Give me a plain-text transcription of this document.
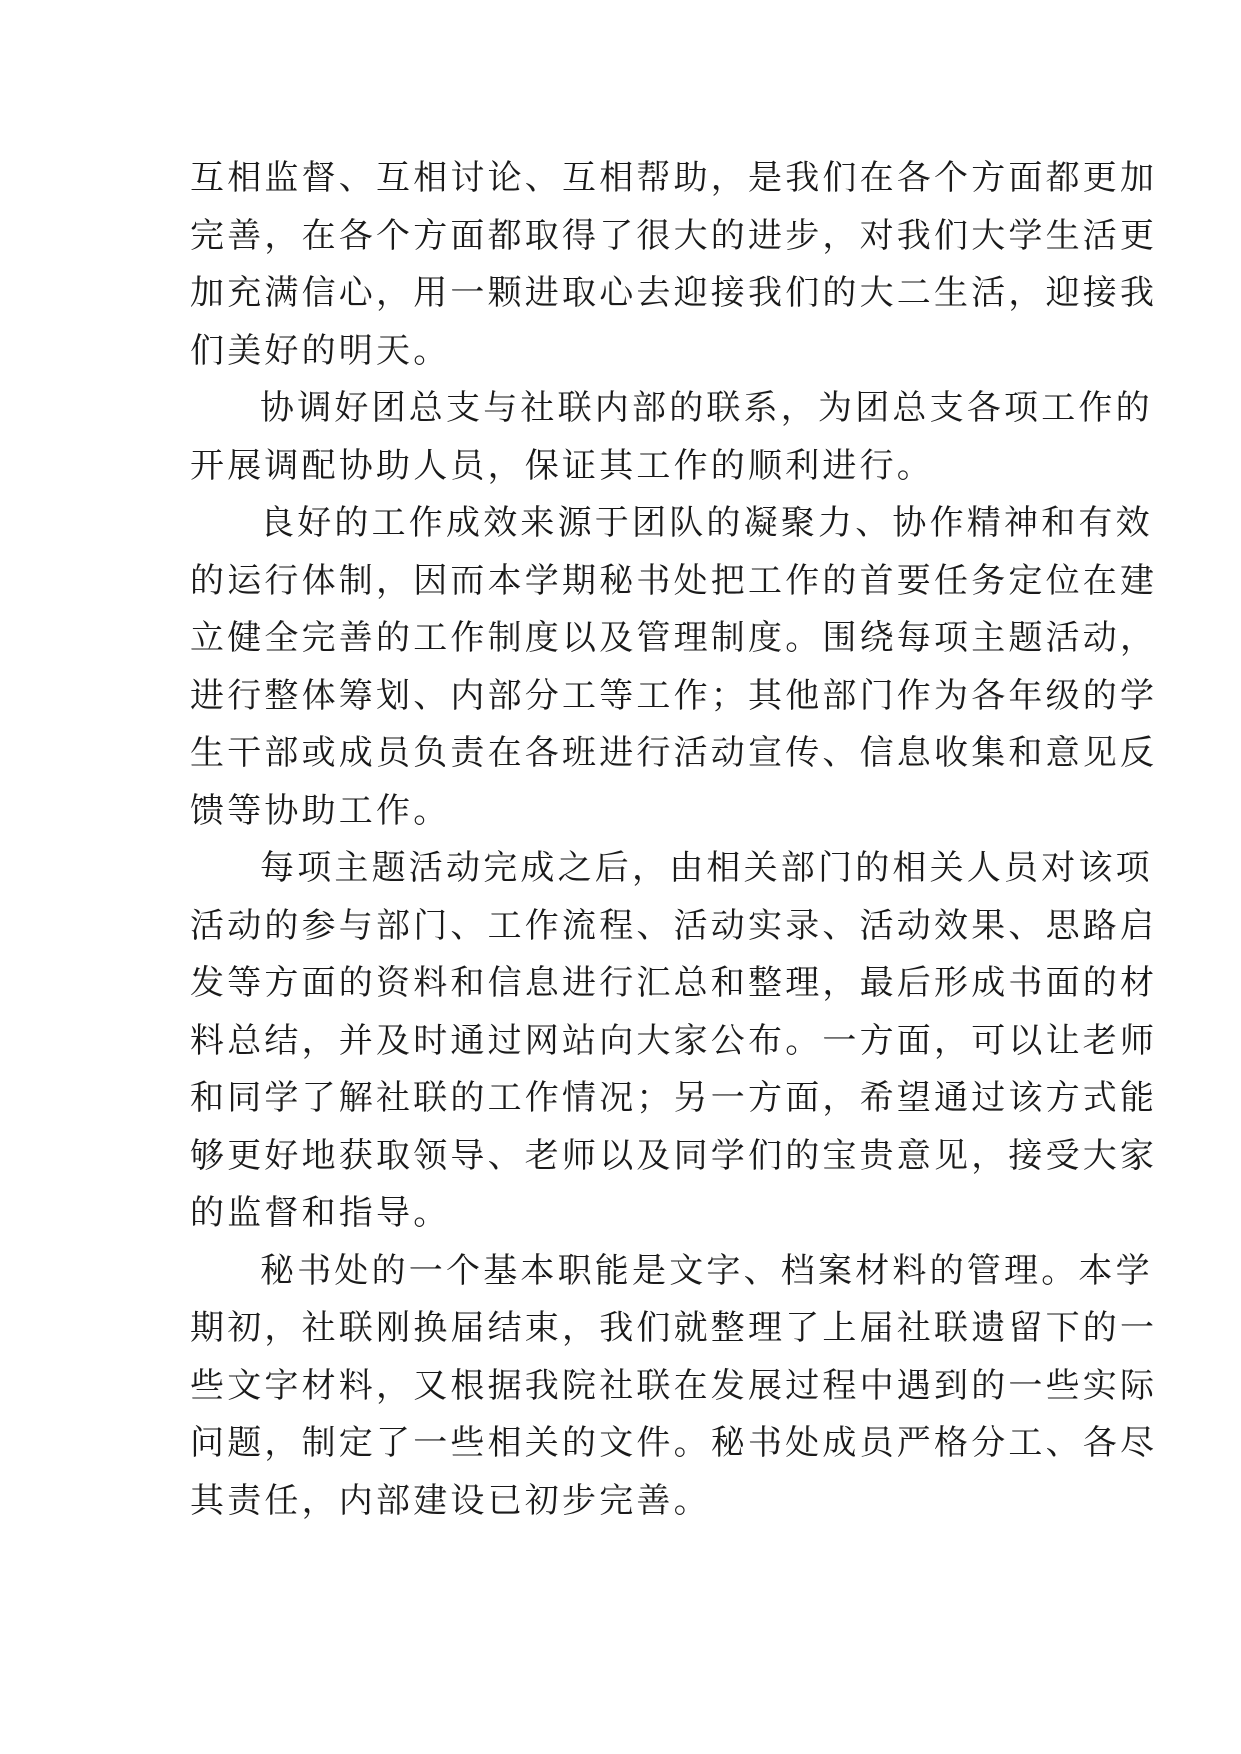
互相监督、互相讨论、互相帮助，是我们在各个方面都更加
完善，在各个方面都取得了很大的进步，对我们大学生活更
加充满信心，用一颗进取心去迎接我们的大二生活，迎接我
们美好的明天。
协调好团总支与社联内部的联系，为团总支各项工作的
开展调配协助人员，保证其工作的顺利进行。
良好的工作成效来源于团队的凝聚力、协作精神和有效
的运行体制，因而本学期秘书处把工作的首要任务定位在建
立健全完善的工作制度以及管理制度。围绕每项主题活动，
进行整体筹划、内部分工等工作；其他部门作为各年级的学
生干部或成员负责在各班进行活动宣传、信息收集和意见反
馈等协助工作。
每项主题活动完成之后，由相关部门的相关人员对该项
活动的参与部门、工作流程、活动实录、活动效果、思路启
发等方面的资料和信息进行汇总和整理，最后形成书面的材
料总结，并及时通过网站向大家公布。一方面，可以让老师
和同学了解社联的工作情况；另一方面，希望通过该方式能
够更好地获取领导、老师以及同学们的宝贵意见，接受大家
的监督和指导。
秘书处的一个基本职能是文字、档案材料的管理。本学
期初，社联刚换届结束，我们就整理了上届社联遗留下的一
些文字材料，又根据我院社联在发展过程中遇到的一些实际
问题，制定了一些相关的文件。秘书处成员严格分工、各尽
其责任，内部建设已初步完善。
